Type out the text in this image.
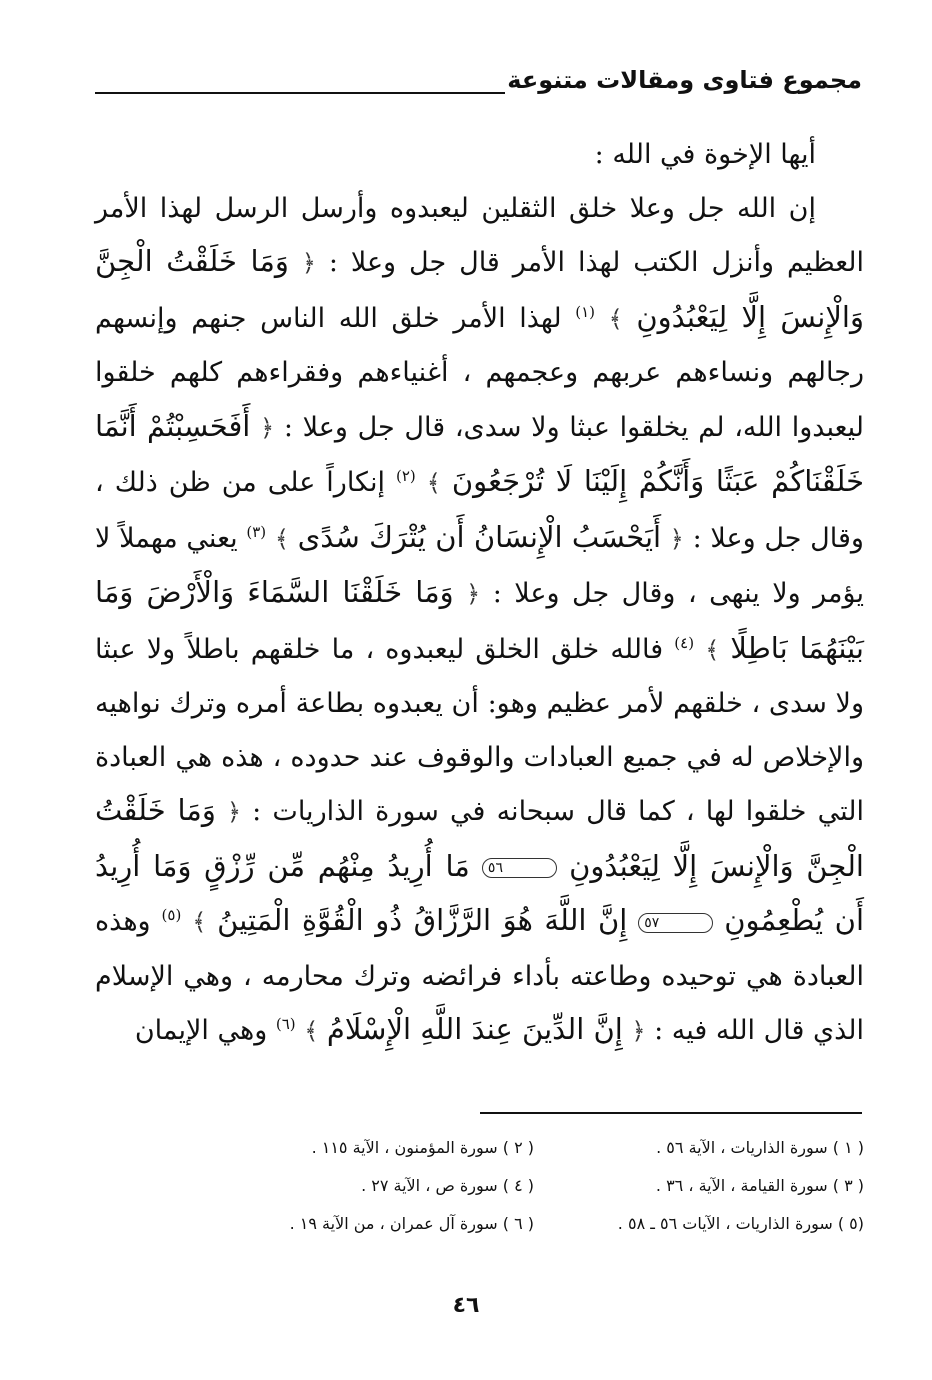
مجموع فتاوى ومقالات متنوعة

أيها الإخوة في الله :

إن الله جل وعلا خلق الثقلين ليعبدوه وأرسل الرسل لهذا الأمر العظيم وأنزل الكتب لهذا الأمر قال جل وعلا : ﴿ وَمَا خَلَقْتُ الْجِنَّ وَالْإِنسَ إِلَّا لِيَعْبُدُونِ ﴾ $^{(١)}$ لهذا الأمر خلق الله الناس جنهم وإنسهم رجالهم ونساءهم عربهم وعجمهم ، أغنياءهم وفقراءهم كلهم خلقوا ليعبدوا الله، لم يخلقوا عبثا ولا سدى، قال جل وعلا : ﴿ أَفَحَسِبْتُمْ أَنَّمَا خَلَقْنَاكُمْ عَبَثًا وَأَنَّكُمْ إِلَيْنَا لَا تُرْجَعُونَ ﴾ $^{(٢)}$ إنكاراً على من ظن ذلك ، وقال جل وعلا : ﴿ أَيَحْسَبُ الْإِنسَانُ أَن يُتْرَكَ سُدًى ﴾ $^{(٣)}$ يعني مهملاً لا يؤمر ولا ينهى ، وقال جل وعلا : ﴿ وَمَا خَلَقْنَا السَّمَاءَ وَالْأَرْضَ وَمَا بَيْنَهُمَا بَاطِلًا ﴾ $^{(٤)}$ فالله خلق الخلق ليعبدوه ، ما خلقهم باطلاً ولا عبثا ولا سدى ، خلقهم لأمر عظيم وهو: أن يعبدوه بطاعة أمره وترك نواهيه والإخلاص له في جميع العبادات والوقوف عند حدوده ، هذه هي العبادة التي خلقوا لها ، كما قال سبحانه في سورة الذاريات : ﴿ وَمَا خَلَقْتُ الْجِنَّ وَالْإِنسَ إِلَّا لِيَعْبُدُونِ ٥٦ مَا أُرِيدُ مِنْهُم مِّن رِّزْقٍ وَمَا أُرِيدُ أَن يُطْعِمُونِ ٥٧ إِنَّ اللَّهَ هُوَ الرَّزَّاقُ ذُو الْقُوَّةِ الْمَتِينُ ﴾ $^{(٥)}$ وهذه العبادة هي توحيده وطاعته بأداء فرائضه وترك محارمه ، وهي الإسلام الذي قال الله فيه : ﴿ إِنَّ الدِّينَ عِندَ اللَّهِ الْإِسْلَامُ ﴾ $^{(٦)}$ وهي الإيمان

( ١ ) سورة الذاريات ، الآية ٥٦ .
( ٢ ) سورة المؤمنون ، الآية ١١٥ .
( ٣ ) سورة القيامة ، الآية ، ٣٦ .
( ٤ ) سورة ص ، الآية ٢٧ .
(٥ ) سورة الذاريات ، الآيات ٥٦ ـ ٥٨ .
( ٦ ) سورة آل عمران ، من الآية ١٩ .
٤٦
